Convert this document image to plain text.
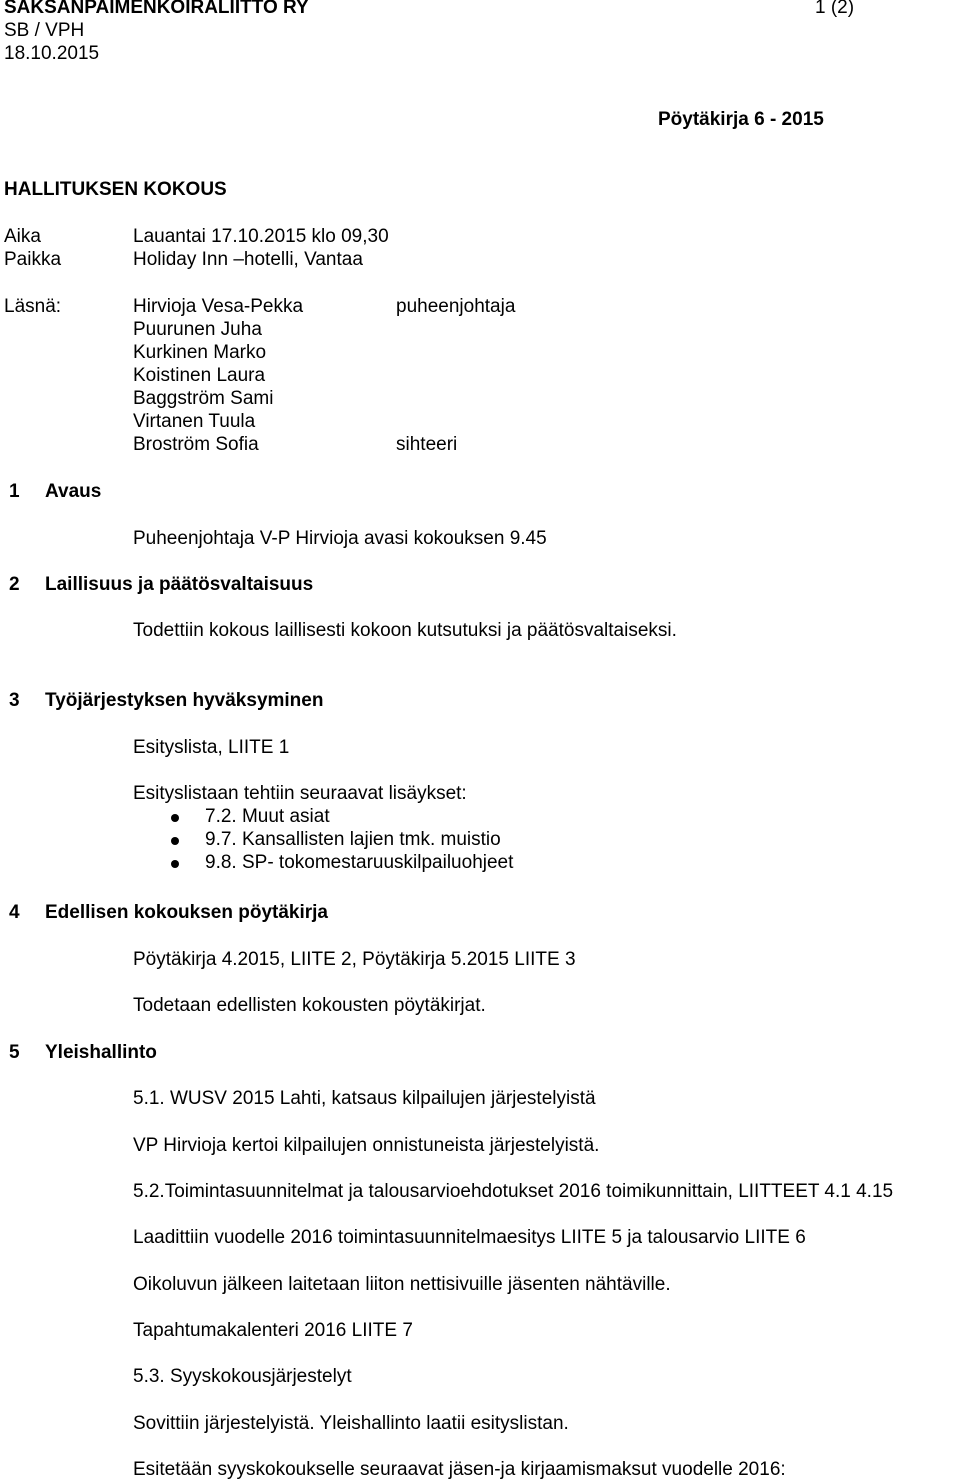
SAKSANPAIMENKOIRALIITTO RY	1 (2)
SB / VPH
18.10.2015
Pöytäkirja 6 - 2015
HALLITUKSEN KOKOUS
Aika	Lauantai 17.10.2015 klo 09,30
Paikka	Holiday Inn –hotelli, Vantaa
Läsnä:	Hirvioja Vesa-Pekka	puheenjohtaja
Puurunen Juha
Kurkinen Marko
Koistinen Laura
Baggström Sami
Virtanen Tuula
Broström Sofia	sihteeri
1 Avaus
Puheenjohtaja V-P Hirvioja avasi kokouksen 9.45
2 Laillisuus ja päätösvaltaisuus
Todettiin kokous laillisesti kokoon kutsutuksi ja päätösvaltaiseksi.
3 Työjärjestyksen hyväksyminen
Esityslista, LIITE 1
Esityslistaan tehtiin seuraavat lisäykset:
7.2. Muut asiat
9.7. Kansallisten lajien tmk. muistio
9.8. SP- tokomestaruuskilpailuohjeet
4 Edellisen kokouksen pöytäkirja
Pöytäkirja 4.2015, LIITE 2, Pöytäkirja 5.2015 LIITE 3
Todetaan edellisten kokousten pöytäkirjat.
5 Yleishallinto
5.1. WUSV 2015 Lahti, katsaus kilpailujen järjestelyistä
VP Hirvioja kertoi kilpailujen onnistuneista järjestelyistä.
5.2.Toimintasuunnitelmat ja talousarvioehdotukset 2016 toimikunnittain, LIITTEET 4.1 4.15
Laadittiin vuodelle 2016 toimintasuunnitelmaesitys LIITE 5 ja talousarvio LIITE 6
Oikoluvun jälkeen laitetaan liiton nettisivuille jäsenten nähtäville.
Tapahtumakalenteri 2016 LIITE 7
5.3. Syyskokousjärjestelyt
Sovittiin järjestelyistä. Yleishallinto laatii esityslistan.
Esitetään syyskokoukselle seuraavat jäsen-ja kirjaamismaksut vuodelle 2016:
